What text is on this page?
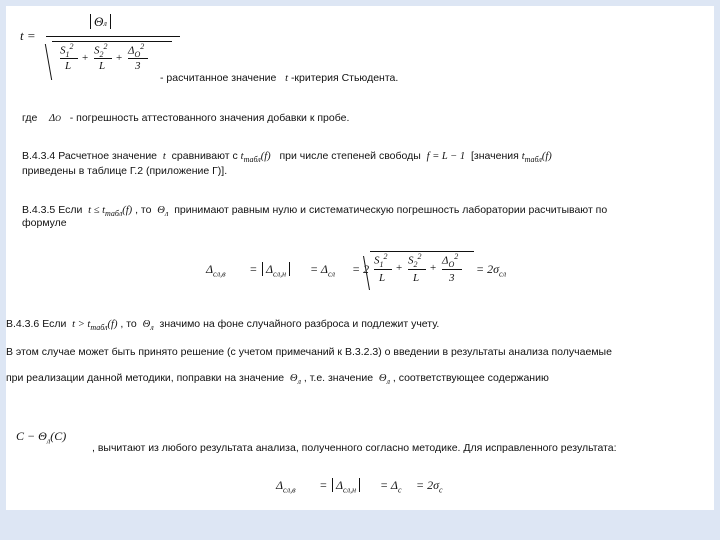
t =
Θл
$S_1^2$
L
+
$S_2^2$
L
+
$\Delta_О^2$
3
- расчитанное значение t -критерия Стьюдента.
где ΔО - погрешность аттестованного значения добавки к пробе.
В.4.3.4 Расчетное значение t сравнивают с $t_{табл}(f)$ при числе степеней свободы f = L − 1 [значения $t_{табл}(f)$
приведены в таблице Г.2 (приложение Г)].
В.4.3.5 Если $t \le t_{табл}(f)$ , то $\Theta_л$ принимают равным нулю и систематическую погрешность лаборатории расчитывают по
формуле
$\Delta_{сл,в} = \Delta_{сл,н}$	= $\Delta_{сл} = 2$
$S_1^2$
L
+
$S_2^2$
L
+
$\Delta_О^2$
3
= $2\sigma_{сл}$
В.4.3.6 Если $t > t_{табл}(f)$ , то $\Theta_л$ значимо на фоне случайного разброса и подлежит учету.
В этом случае может быть принято решение (с учетом примечаний к В.3.2.3) о введении в результаты анализа получаемые
при реализации данной методики, поправки на значение $\Theta_л$ , т.е. значение $\Theta_л$ , соответствующее содержанию
$C - \Theta_л(C)$
, вычитают из любого результата анализа, полученного согласно методике. Для исправленного результата:
$\Delta_{сл,в} = \Delta_{сл,н}$	= $\Delta_с = 2\sigma_с$
